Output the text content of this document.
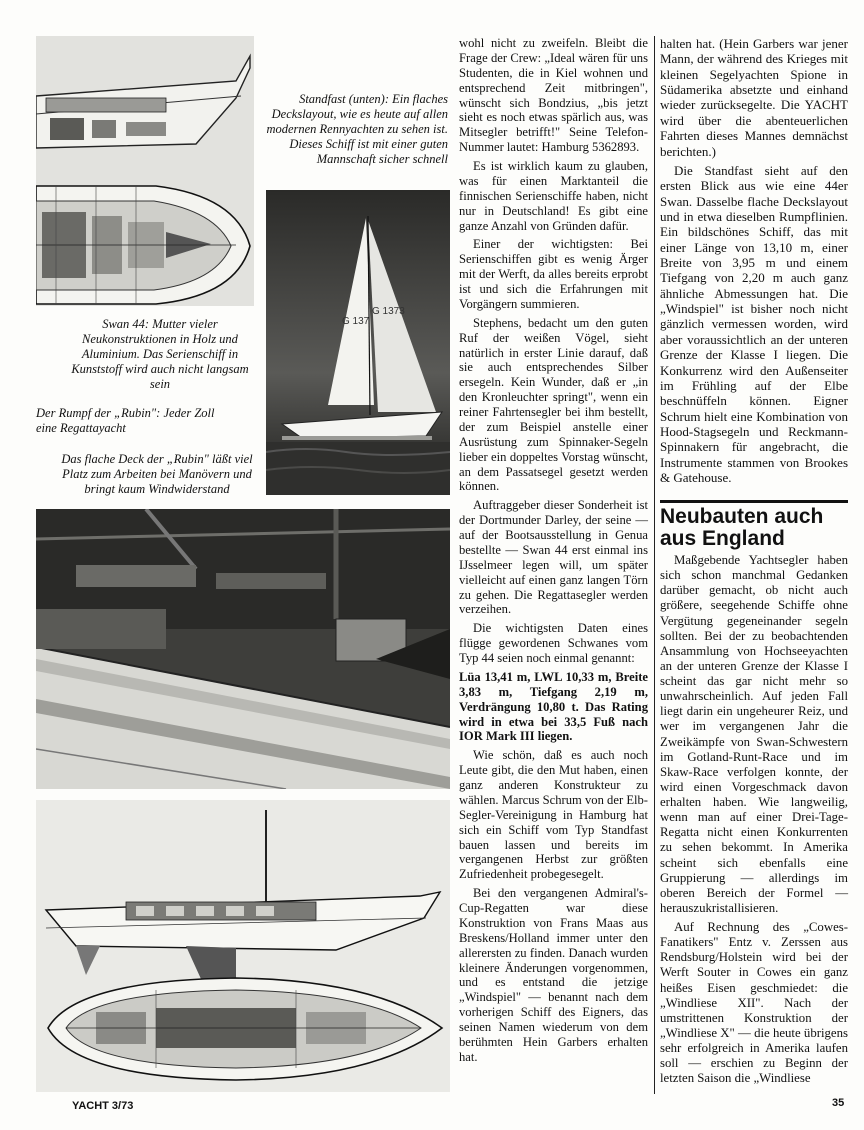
Standfast (unten): Ein flaches Deckslayout, wie es heute auf allen modernen Rennyachten zu sehen ist. Dieses Schiff ist mit einer guten Mannschaft sicher schnell
Swan 44: Mutter vieler Neukonstruktionen in Holz und Aluminium. Das Serienschiff in Kunststoff wird auch nicht langsam sein
G 137
G 1373
Der Rumpf der „Rubin": Jeder Zoll eine Regattayacht
Das flache Deck der „Rubin" läßt viel Platz zum Arbeiten bei Manövern und bringt kaum Windwiderstand

wohl nicht zu zweifeln. Bleibt die Frage der Crew: „Ideal wären für uns Studenten, die in Kiel wohnen und entsprechend Zeit mitbringen", wünscht sich Bondzius, „bis jetzt sieht es noch etwas spärlich aus, was Mitsegler betrifft!" Seine Telefon-Nummer lautet: Hamburg 5362893.

Es ist wirklich kaum zu glauben, was für einen Marktanteil die finnischen Serienschiffe haben, nicht nur in Deutschland! Es gibt eine ganze Anzahl von Gründen dafür.

Einer der wichtigsten: Bei Serienschiffen gibt es wenig Ärger mit der Werft, da alles bereits erprobt ist und sich die Erfahrungen mit Vorgängern summieren.

Stephens, bedacht um den guten Ruf der weißen Vögel, sieht natürlich in erster Linie darauf, daß sie auch entsprechendes Silber ersegeln. Kein Wunder, daß er „in den Kronleuchter springt", wenn ein reiner Fahrtensegler bei ihm bestellt, der zum Beispiel anstelle einer Ausrüstung zum Spinnaker-Segeln lieber ein doppeltes Vorstag wünscht, an dem Passatsegel gesetzt werden können.

Auftraggeber dieser Sonderheit ist der Dortmunder Darley, der seine — auf der Bootsausstellung in Genua bestellte — Swan 44 erst einmal ins IJsselmeer legen will, um später vielleicht auf einen ganz langen Törn zu gehen. Die Regattasegler werden verzeihen.

Die wichtigsten Daten eines flügge gewordenen Schwanes vom Typ 44 seien noch einmal genannt:

Lüa 13,41 m, LWL 10,33 m, Breite 3,83 m, Tiefgang 2,19 m, Verdrängung 10,80 t. Das Rating wird in etwa bei 33,5 Fuß nach IOR Mark III liegen.

Wie schön, daß es auch noch Leute gibt, die den Mut haben, einen ganz anderen Konstrukteur zu wählen. Marcus Schrum von der Elb-Segler-Vereinigung in Hamburg hat sich ein Schiff vom Typ Standfast bauen lassen und bereits im vergangenen Herbst zur größten Zufriedenheit probegesegelt.

Bei den vergangenen Admiral's-Cup-Regatten war diese Konstruktion von Frans Maas aus Breskens/Holland immer unter den allerersten zu finden. Danach wurden kleinere Änderungen vorgenommen, und es entstand die jetzige „Windspiel" — benannt nach dem vorherigen Schiff des Eigners, das seinen Namen wiederum von dem berühmten Hein Garbers erhalten hat.

halten hat. (Hein Garbers war jener Mann, der während des Krieges mit kleinen Segelyachten Spione in Südamerika absetzte und einhand wieder zurücksegelte. Die YACHT wird über die abenteuerlichen Fahrten dieses Mannes demnächst berichten.)

Die Standfast sieht auf den ersten Blick aus wie eine 44er Swan. Dasselbe flache Deckslayout und in etwa dieselben Rumpflinien. Ein bildschönes Schiff, das mit einer Länge von 13,10 m, einer Breite von 3,95 m und einem Tiefgang von 2,20 m auch ganz ähnliche Abmessungen hat. Die „Windspiel" ist bisher noch nicht gänzlich vermessen worden, wird aber voraussichtlich an der unteren Grenze der Klasse I liegen. Die Konkurrenz wird den Außenseiter im Frühling auf der Elbe beschnüffeln können. Eigner Schrum hielt eine Kombination von Hood-Stagsegeln und Reckmann-Spinnakern für angebracht, die Instrumente stammen von Brookes & Gatehouse.

Neubauten auch aus England

Maßgebende Yachtsegler haben sich schon manchmal Gedanken darüber gemacht, ob nicht auch größere, seegehende Schiffe ohne Vergütung gegeneinander segeln sollten. Bei der zu beobachtenden Ansammlung von Hochseeyachten an der unteren Grenze der Klasse I scheint das gar nicht mehr so unwahrscheinlich. Auf jeden Fall liegt darin ein ungeheurer Reiz, und wer im vergangenen Jahr die Zweikämpfe von Swan-Schwestern im Gotland-Runt-Race und im Skaw-Race verfolgen konnte, der wird einen Vorgeschmack davon erhalten haben. Wie langweilig, wenn man auf einer Drei-Tage-Regatta nicht einen Konkurrenten zu sehen bekommt. In Amerika scheint sich ebenfalls eine Gruppierung — allerdings im oberen Bereich der Formel — herauszukristallisieren.

Auf Rechnung des „Cowes-Fanatikers" Entz v. Zerssen aus Rendsburg/Holstein wird bei der Werft Souter in Cowes ein ganz heißes Eisen geschmiedet: die „Windliese XII". Nach der umstrittenen Konstruktion der „Windliese X" — die heute übrigens sehr erfolgreich in Amerika laufen soll — erschien zu Beginn der letzten Saison die „Windliese

YACHT 3/73	35
